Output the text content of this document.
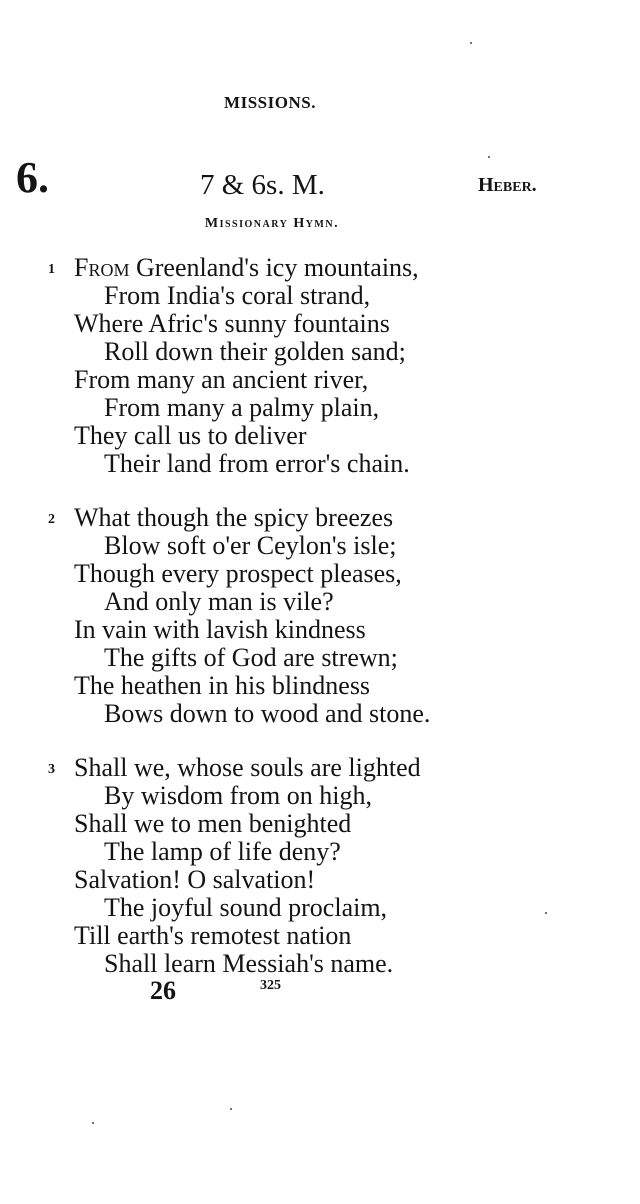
MISSIONS.
6.	7 & 6s. M.	Heber.
Missionary Hymn.
1 From Greenland's icy mountains,
From India's coral strand,
Where Afric's sunny fountains
Roll down their golden sand;
From many an ancient river,
From many a palmy plain,
They call us to deliver
Their land from error's chain.
2 What though the spicy breezes
Blow soft o'er Ceylon's isle;
Though every prospect pleases,
And only man is vile?
In vain with lavish kindness
The gifts of God are strewn;
The heathen in his blindness
Bows down to wood and stone.
3 Shall we, whose souls are lighted
By wisdom from on high,
Shall we to men benighted
The lamp of life deny?
Salvation! O salvation!
The joyful sound proclaim,
Till earth's remotest nation
Shall learn Messiah's name.
26	325
